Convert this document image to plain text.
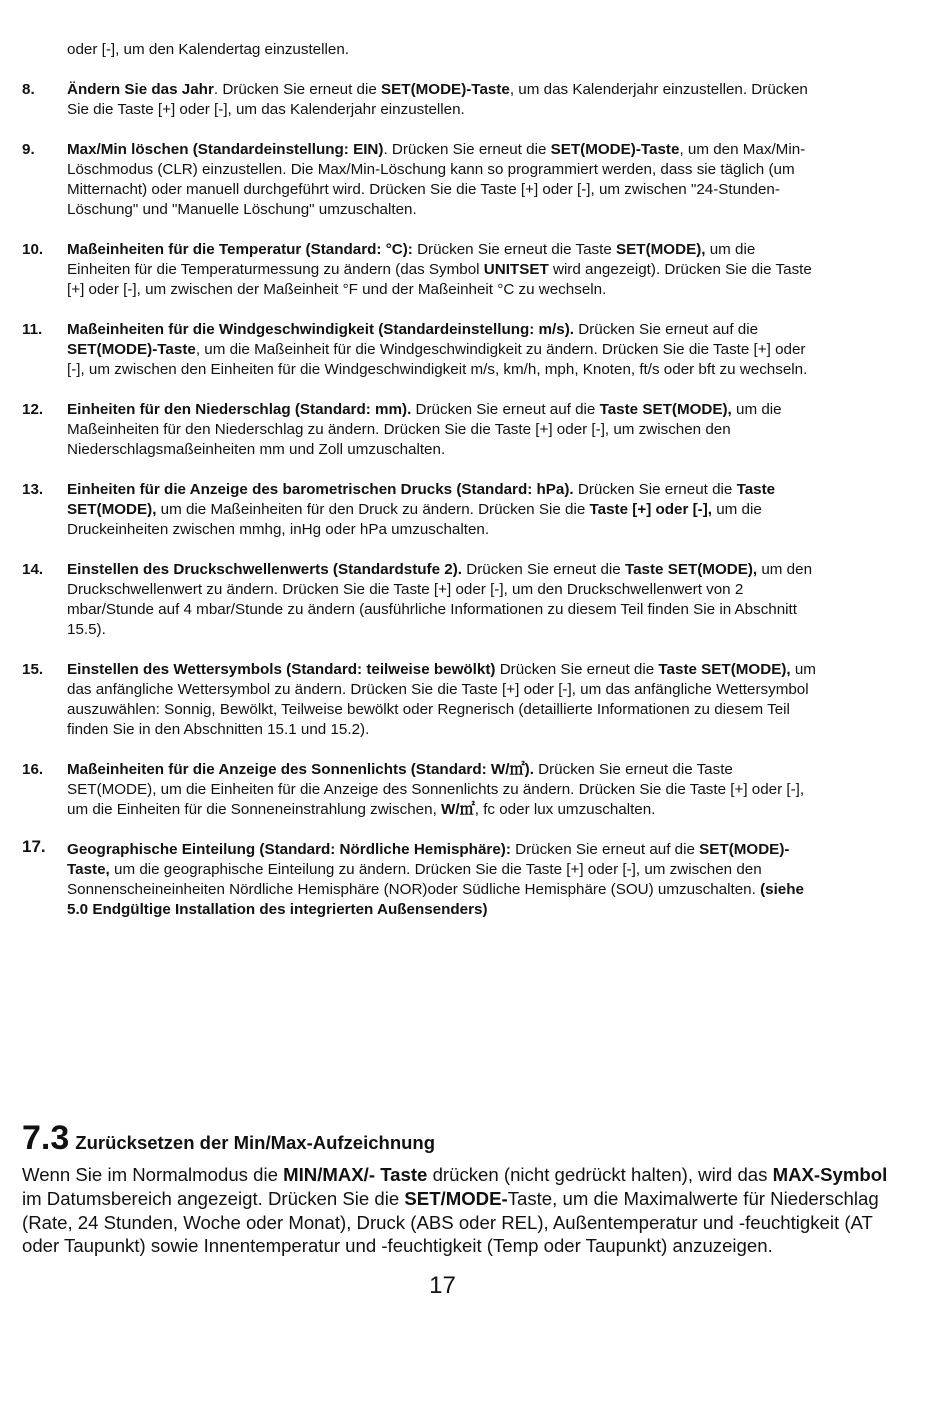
oder [-], um den Kalendertag einzustellen.
8. Ändern Sie das Jahr. Drücken Sie erneut die SET(MODE)-Taste, um das Kalenderjahr einzustellen. Drücken Sie die Taste [+] oder [-], um das Kalenderjahr einzustellen.
9. Max/Min löschen (Standardeinstellung: EIN). Drücken Sie erneut die SET(MODE)-Taste, um den Max/Min-Löschmodus (CLR) einzustellen. Die Max/Min-Löschung kann so programmiert werden, dass sie täglich (um Mitternacht) oder manuell durchgeführt wird. Drücken Sie die Taste [+] oder [-], um zwischen "24-Stunden-Löschung" und "Manuelle Löschung" umzuschalten.
10. Maßeinheiten für die Temperatur (Standard: °C): Drücken Sie erneut die Taste SET(MODE), um die Einheiten für die Temperaturmessung zu ändern (das Symbol UNITSET wird angezeigt). Drücken Sie die Taste [+] oder [-], um zwischen der Maßeinheit °F und der Maßeinheit °C zu wechseln.
11. Maßeinheiten für die Windgeschwindigkeit (Standardeinstellung: m/s). Drücken Sie erneut auf die SET(MODE)-Taste, um die Maßeinheit für die Windgeschwindigkeit zu ändern. Drücken Sie die Taste [+] oder [-], um zwischen den Einheiten für die Windgeschwindigkeit m/s, km/h, mph, Knoten, ft/s oder bft zu wechseln.
12. Einheiten für den Niederschlag (Standard: mm). Drücken Sie erneut auf die Taste SET(MODE), um die Maßeinheiten für den Niederschlag zu ändern. Drücken Sie die Taste [+] oder [-], um zwischen den Niederschlagsmaßeinheiten mm und Zoll umzuschalten.
13. Einheiten für die Anzeige des barometrischen Drucks (Standard: hPa). Drücken Sie erneut die Taste SET(MODE), um die Maßeinheiten für den Druck zu ändern. Drücken Sie die Taste [+] oder [-], um die Druckeinheiten zwischen mmhg, inHg oder hPa umzuschalten.
14. Einstellen des Druckschwellenwerts (Standardstufe 2). Drücken Sie erneut die Taste SET(MODE), um den Druckschwellenwert zu ändern. Drücken Sie die Taste [+] oder [-], um den Druckschwellenwert von 2 mbar/Stunde auf 4 mbar/Stunde zu ändern (ausführliche Informationen zu diesem Teil finden Sie in Abschnitt 15.5).
15. Einstellen des Wettersymbols (Standard: teilweise bewölkt) Drücken Sie erneut die Taste SET(MODE), um das anfängliche Wettersymbol zu ändern. Drücken Sie die Taste [+] oder [-], um das anfängliche Wettersymbol auszuwählen: Sonnig, Bewölkt, Teilweise bewölkt oder Regnerisch (detaillierte Informationen zu diesem Teil finden Sie in den Abschnitten 15.1 und 15.2).
16. Maßeinheiten für die Anzeige des Sonnenlichts (Standard: W/㎡). Drücken Sie erneut die Taste SET(MODE), um die Einheiten für die Anzeige des Sonnenlichts zu ändern. Drücken Sie die Taste [+] oder [-], um die Einheiten für die Sonneneinstrahlung zwischen, W/㎡, fc oder lux umzuschalten.
17. Geographische Einteilung (Standard: Nördliche Hemisphäre): Drücken Sie erneut auf die SET(MODE)-Taste, um die geographische Einteilung zu ändern. Drücken Sie die Taste [+] oder [-], um zwischen den Sonnenscheineinheiten Nördliche Hemisphäre (NOR)oder Südliche Hemisphäre (SOU) umzuschalten. (siehe 5.0 Endgültige Installation des integrierten Außensenders)
7.3 Zurücksetzen der Min/Max-Aufzeichnung
Wenn Sie im Normalmodus die MIN/MAX/- Taste drücken (nicht gedrückt halten), wird das MAX-Symbol im Datumsbereich angezeigt. Drücken Sie die SET/MODE-Taste, um die Maximalwerte für Niederschlag (Rate, 24 Stunden, Woche oder Monat), Druck (ABS oder REL), Außentemperatur und -feuchtigkeit (AT oder Taupunkt) sowie Innentemperatur und -feuchtigkeit (Temp oder Taupunkt) anzuzeigen.
17
